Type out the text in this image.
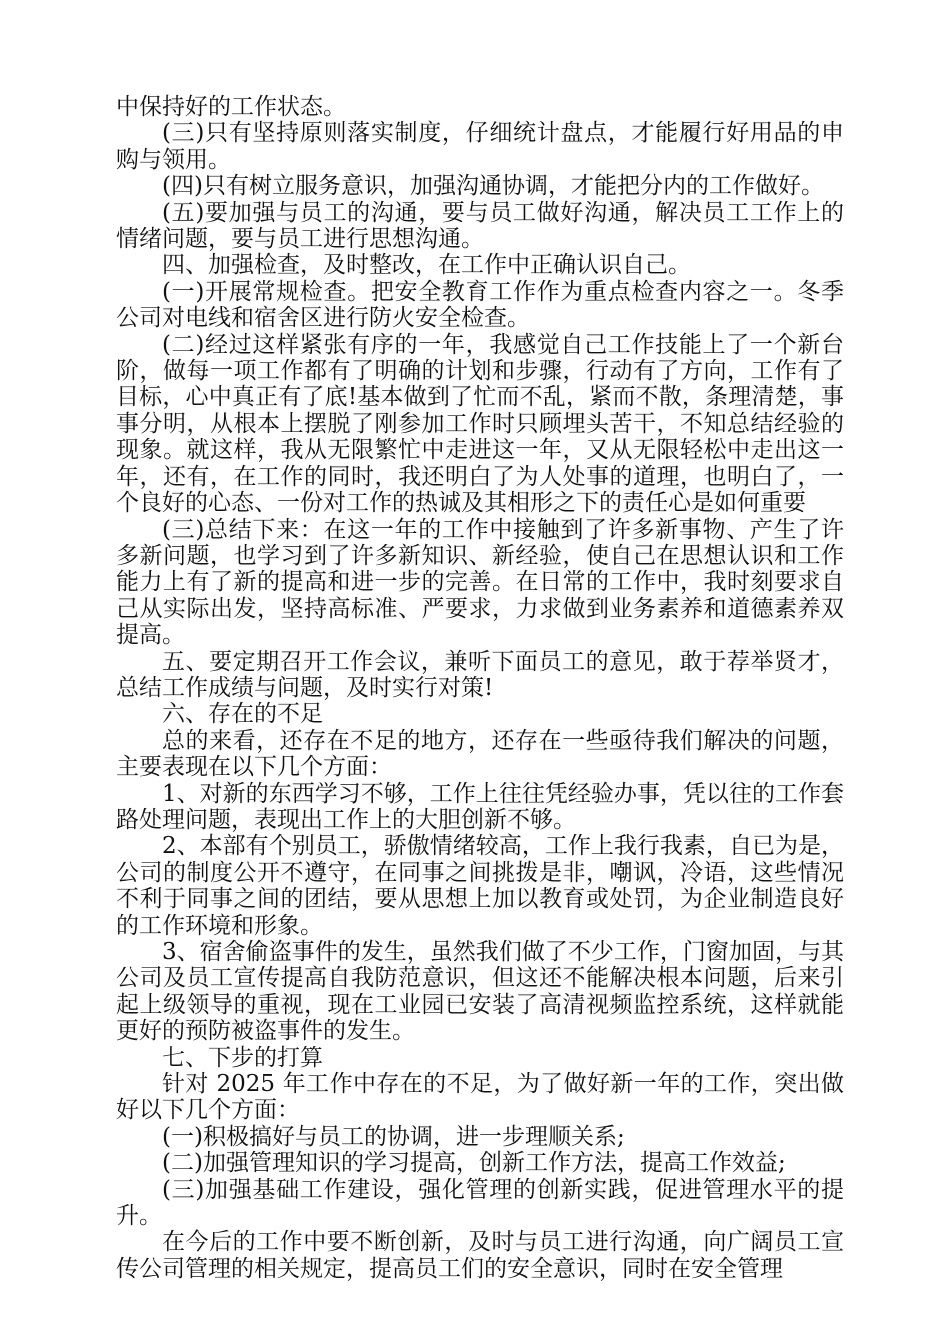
中保持好的工作状态。

(三)只有坚持原则落实制度，仔细统计盘点，才能履行好用品的申购与领用。

(四)只有树立服务意识，加强沟通协调，才能把分内的工作做好。

(五)要加强与员工的沟通，要与员工做好沟通，解决员工工作上的情绪问题，要与员工进行思想沟通。

四、加强检查，及时整改，在工作中正确认识自己。

(一)开展常规检查。把安全教育工作作为重点检查内容之一。冬季公司对电线和宿舍区进行防火安全检查。

(二)经过这样紧张有序的一年，我感觉自己工作技能上了一个新台阶，做每一项工作都有了明确的计划和步骤，行动有了方向，工作有了目标，心中真正有了底!基本做到了忙而不乱，紧而不散，条理清楚，事事分明，从根本上摆脱了刚参加工作时只顾埋头苦干，不知总结经验的现象。就这样，我从无限繁忙中走进这一年，又从无限轻松中走出这一年，还有，在工作的同时，我还明白了为人处事的道理，也明白了，一个良好的心态、一份对工作的热诚及其相形之下的责任心是如何重要

(三)总结下来：在这一年的工作中接触到了许多新事物、产生了许多新问题，也学习到了许多新知识、新经验，使自己在思想认识和工作能力上有了新的提高和进一步的完善。在日常的工作中，我时刻要求自己从实际出发，坚持高标准、严要求，力求做到业务素养和道德素养双提高。

五、要定期召开工作会议，兼听下面员工的意见，敢于荐举贤才，总结工作成绩与问题，及时实行对策!

六、存在的不足

总的来看，还存在不足的地方，还存在一些亟待我们解决的问题，主要表现在以下几个方面：

1、对新的东西学习不够，工作上往往凭经验办事，凭以往的工作套路处理问题，表现出工作上的大胆创新不够。

2、本部有个别员工，骄傲情绪较高，工作上我行我素，自已为是，公司的制度公开不遵守，在同事之间挑拨是非，嘲讽，冷语，这些情况不利于同事之间的团结，要从思想上加以教育或处罚，为企业制造良好的工作环境和形象。

3、宿舍偷盗事件的发生，虽然我们做了不少工作，门窗加固，与其公司及员工宣传提高自我防范意识，但这还不能解决根本问题，后来引起上级领导的重视，现在工业园已安装了高清视频监控系统，这样就能更好的预防被盗事件的发生。

七、下步的打算

针对 2025 年工作中存在的不足，为了做好新一年的工作，突出做好以下几个方面：

(一)积极搞好与员工的协调，进一步理顺关系;

(二)加强管理知识的学习提高，创新工作方法，提高工作效益;

(三)加强基础工作建设，强化管理的创新实践，促进管理水平的提升。

在今后的工作中要不断创新，及时与员工进行沟通，向广阔员工宣传公司管理的相关规定，提高员工们的安全意识，同时在安全管理
